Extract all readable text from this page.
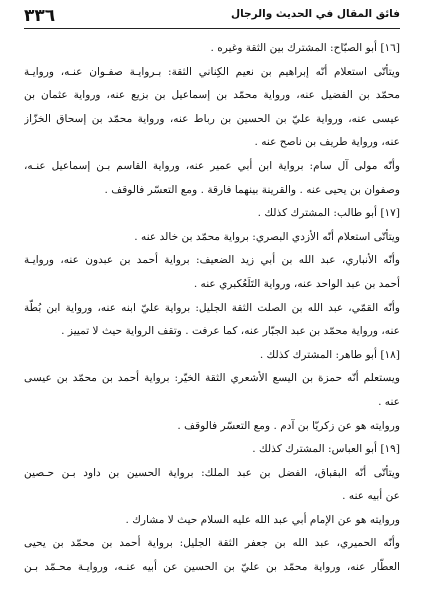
٣٣٦	فائق المقال في الحديث والرجال
[١٦] أبو الصبّاح: المشترك بين الثقة وغيره .
ويتأتّى استعلام أنّه إبراهيم بن نعيم الكِناني الثقة: بـروايـة صفـوان عنـه، وروايـة
محمّد بن الفضيل عنه، ورواية محمّد بن إسماعيل بن بزيع عنه، ورواية عثمان بن
عيسى عنه، ورواية عليّ بن الحسين بن رباط عنه، ورواية محمّد بن إسحاق الخزّاز
عنه، ورواية طريف بن ناصح عنه .
وأنّه مولى آل سام: برواية ابن أبي عمير عنه، ورواية القاسم بـن إسماعيل عنـه،
وصفوان بن يحيى عنه . والقرينة بينهما فارقة . ومع التعسّر فالوقف .
[١٧] أبو طالب: المشترك كذلك .
ويتأتّى استعلام أنّه الأزدي البصري: برواية محمّد بن خالد عنه .
وأنّه الأنباري، عبد الله بن أبي زيد الضعيف: برواية أحمد بن عبدون عنه، وروايـة
أحمد بن عبد الواحد عنه، ورواية التَلَعُكبري عنه .
وأنّه القمّي، عبد الله بن الصلت الثقة الجليل: برواية عليّ ابنه عنه، ورواية ابن بُطّة
عنه، ورواية محمّد بن عبد الجبّار عنه، كما عرفت . وتقف الرواية حيث لا تمييز .
[١٨] أبو طاهر: المشترك كذلك .
ويستعلم أنّه حمزة بن اليسع الأشعري الثقة الخيّر: برواية أحمد بن محمّد بن عيسى
عنه .
وروايته هو عن زكريّا بن آدم . ومع التعسّر فالوقف .
[١٩] أبو العباس: المشترك كذلك .
ويتأتّى أنّه البقباق، الفضل بن عبد الملك: برواية الحسين بن داود بـن حـصين
عن أبيه عنه .
وروايته هو عن الإمام أبي عبد الله عليه السلام حيث لا مشارك .
وأنّه الحميري، عبد الله بن جعفر الثقة الجليل: برواية أحمد بن محمّد بن يحيى
العطّار عنه، ورواية محمّد بن عليّ بن الحسين عن أبيه عنـه، وروايـة محـمّد بـن
